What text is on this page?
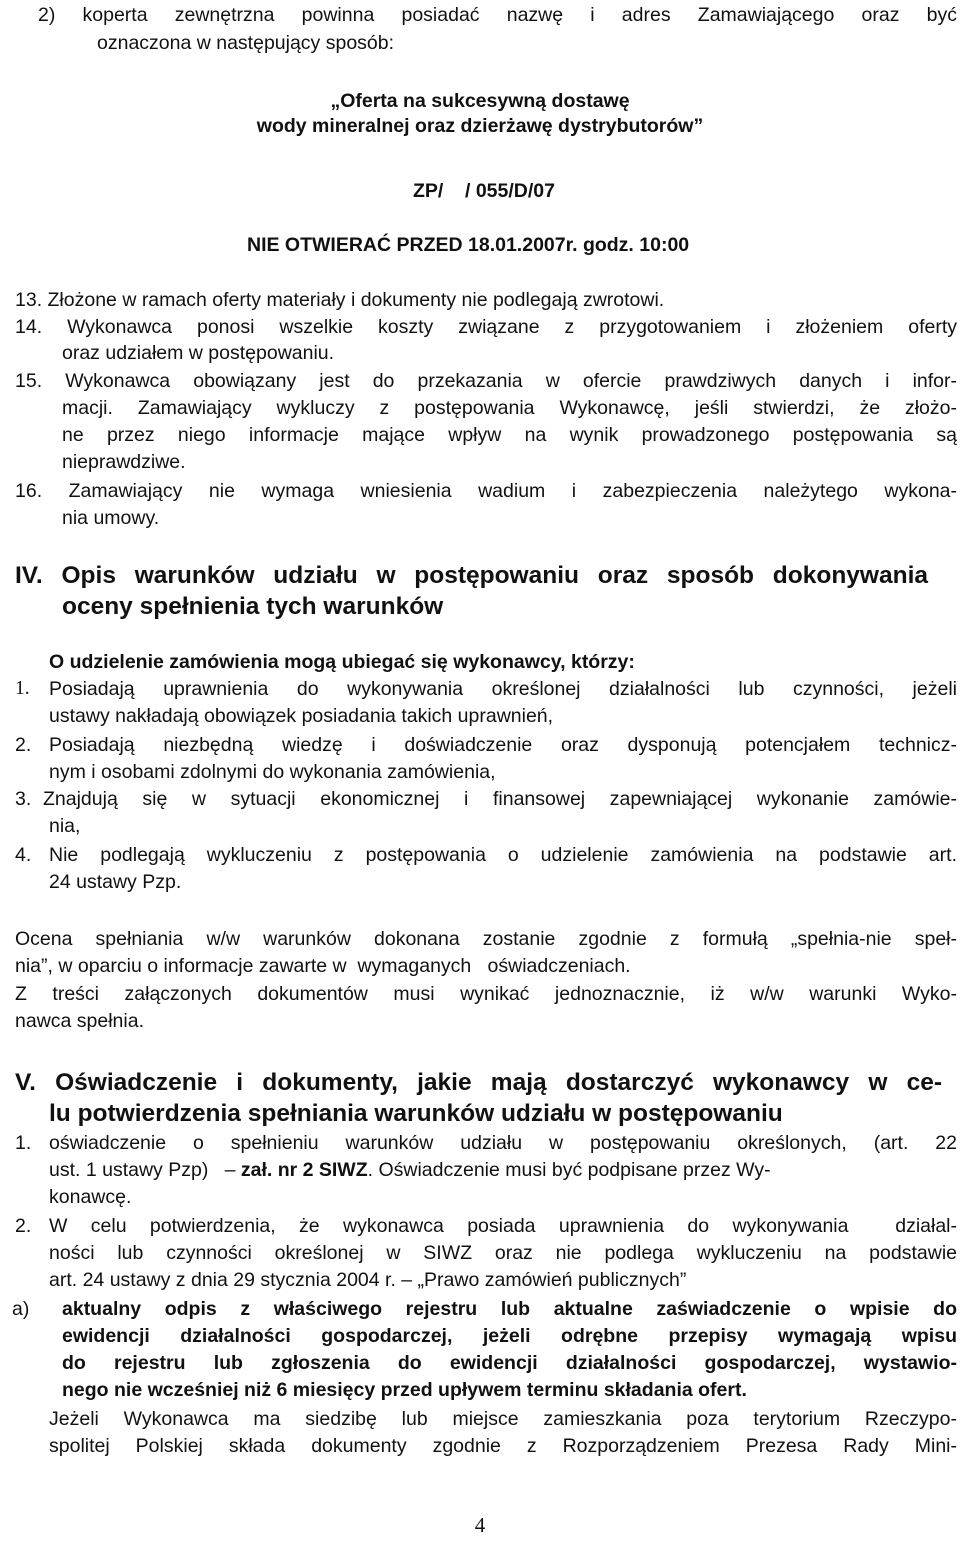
2) koperta zewnętrzna powinna posiadać nazwę i adres Zamawiającego oraz być
oznaczona w następujący sposób:
„Oferta na sukcesywną dostawę
wody mineralnej oraz dzierżawę dystrybutorów”
ZP/    / 055/D/07
NIE OTWIERAĆ PRZED 18.01.2007r. godz. 10:00
13. Złożone w ramach oferty materiały i dokumenty nie podlegają zwrotowi.
14. Wykonawca ponosi wszelkie koszty związane z przygotowaniem i złożeniem oferty
oraz udziałem w postępowaniu.
15. Wykonawca obowiązany jest do przekazania w ofercie prawdziwych danych i infor-
macji. Zamawiający wykluczy z postępowania Wykonawcę, jeśli stwierdzi, że złożo-
ne przez niego informacje mające wpływ na wynik prowadzonego postępowania są
nieprawdziwe.
16. Zamawiający nie wymaga wniesienia wadium i zabezpieczenia należytego wykona-
nia umowy.
IV. Opis warunków udziału w postępowaniu oraz sposób dokonywania
oceny spełnienia tych warunków
O udzielenie zamówienia mogą ubiegać się wykonawcy, którzy:
1. Posiadają uprawnienia do wykonywania określonej działalności lub czynności, jeżeli
ustawy nakładają obowiązek posiadania takich uprawnień,
2. Posiadają niezbędną wiedzę i doświadczenie oraz dysponują potencjałem technicz-
nym i osobami zdolnymi do wykonania zamówienia,
3. Znajdują się w sytuacji ekonomicznej i finansowej zapewniającej wykonanie zamówie-
nia,
4. Nie podlegają wykluczeniu z postępowania o udzielenie zamówienia na podstawie art.
24 ustawy Pzp.
Ocena spełniania w/w warunków dokonana zostanie zgodnie z formułą „spełnia-nie speł-
nia”, w oparciu o informacje zawarte w  wymaganych   oświadczeniach.
Z treści załączonych dokumentów musi wynikać jednoznacznie, iż w/w warunki Wyko-
nawca spełnia.
V. Oświadczenie i dokumenty, jakie mają dostarczyć wykonawcy w ce-
lu potwierdzenia spełniania warunków udziału w postępowaniu
1. oświadczenie o spełnieniu warunków udziału w postępowaniu określonych, (art. 22
ust. 1 ustawy Pzp)   – zał. nr 2 SIWZ. Oświadczenie musi być podpisane przez Wy-
konawcę.
2. W celu potwierdzenia, że wykonawca posiada uprawnienia do wykonywania  działal-
ności lub czynności określonej w SIWZ oraz nie podlega wykluczeniu na podstawie
art. 24 ustawy z dnia 29 stycznia 2004 r. – „Prawo zamówień publicznych”
a) aktualny odpis z właściwego rejestru lub aktualne zaświadczenie o wpisie do
ewidencji działalności gospodarczej, jeżeli odrębne przepisy wymagają wpisu
do rejestru lub zgłoszenia do ewidencji działalności gospodarczej, wystawio-
nego nie wcześniej niż 6 miesięcy przed upływem terminu składania ofert.
Jeżeli Wykonawca ma siedzibę lub miejsce zamieszkania poza terytorium Rzeczypo-
spolitej Polskiej składa dokumenty zgodnie z Rozporządzeniem Prezesa Rady Mini-
4
